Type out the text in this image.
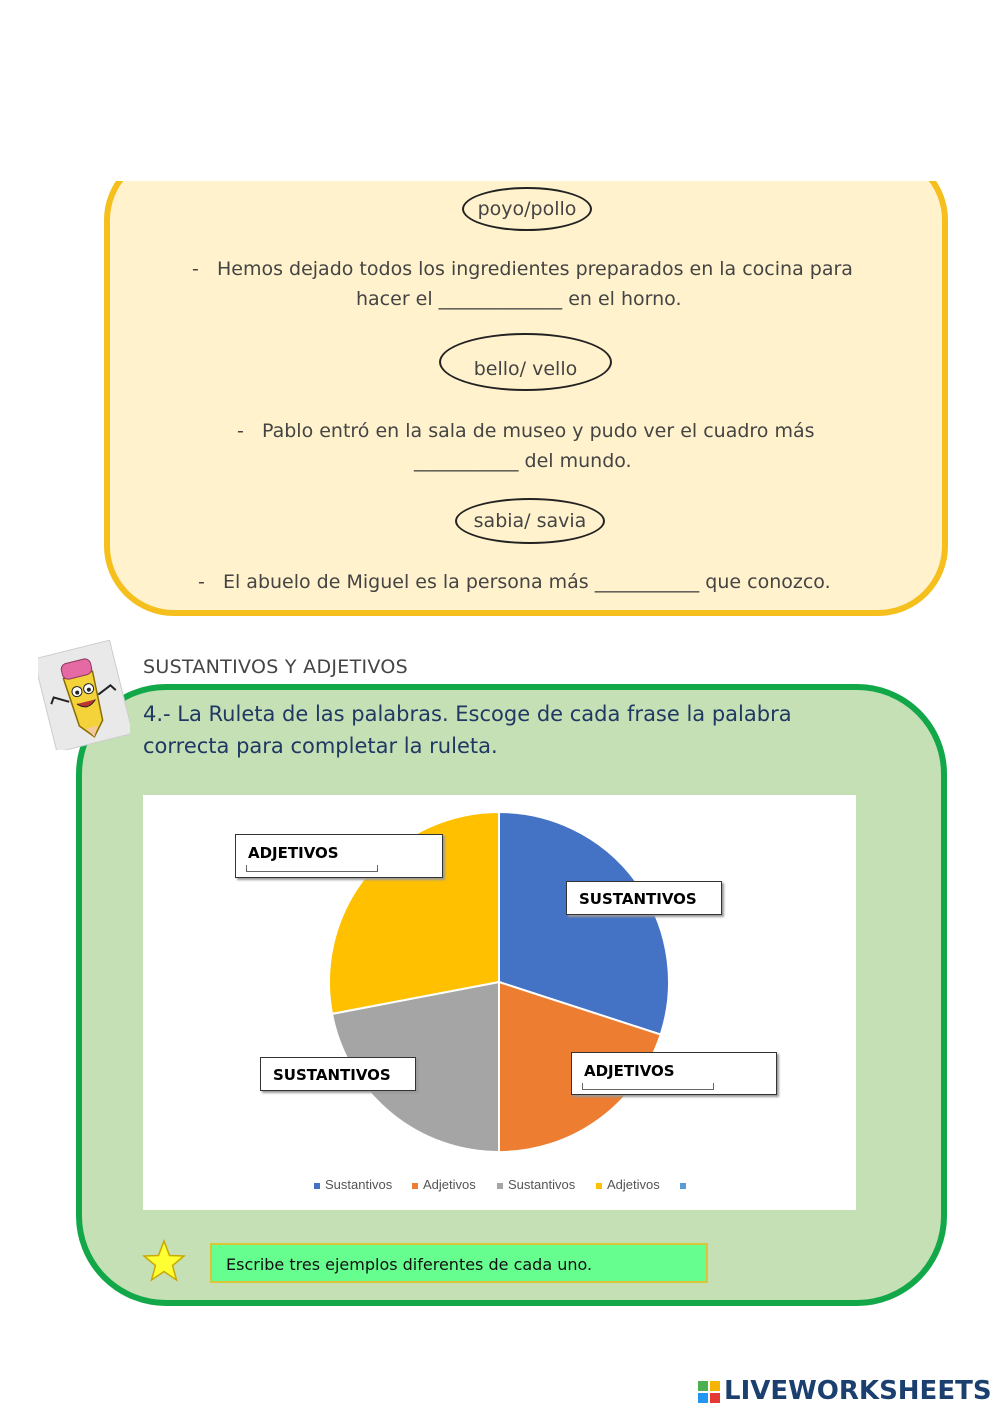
poyo/pollo
- Hemos dejado todos los ingredientes preparados en la cocina para
hacer el _____________ en el horno.
bello/ vello
- Pablo entró en la sala de museo y pudo ver el cuadro más
___________ del mundo.
sabia/ savia
- El abuelo de Miguel es la persona más ___________ que conozco.
SUSTANTIVOS Y ADJETIVOS
4.- La Ruleta de las palabras. Escoge de cada frase la palabra
correcta para completar la ruleta.
ADJETIVOS
SUSTANTIVOS
ADJETIVOS
SUSTANTIVOS
Sustantivos	Adjetivos	Sustantivos	Adjetivos
Escribe tres ejemplos diferentes de cada uno.
LIVEWORKSHEETS
